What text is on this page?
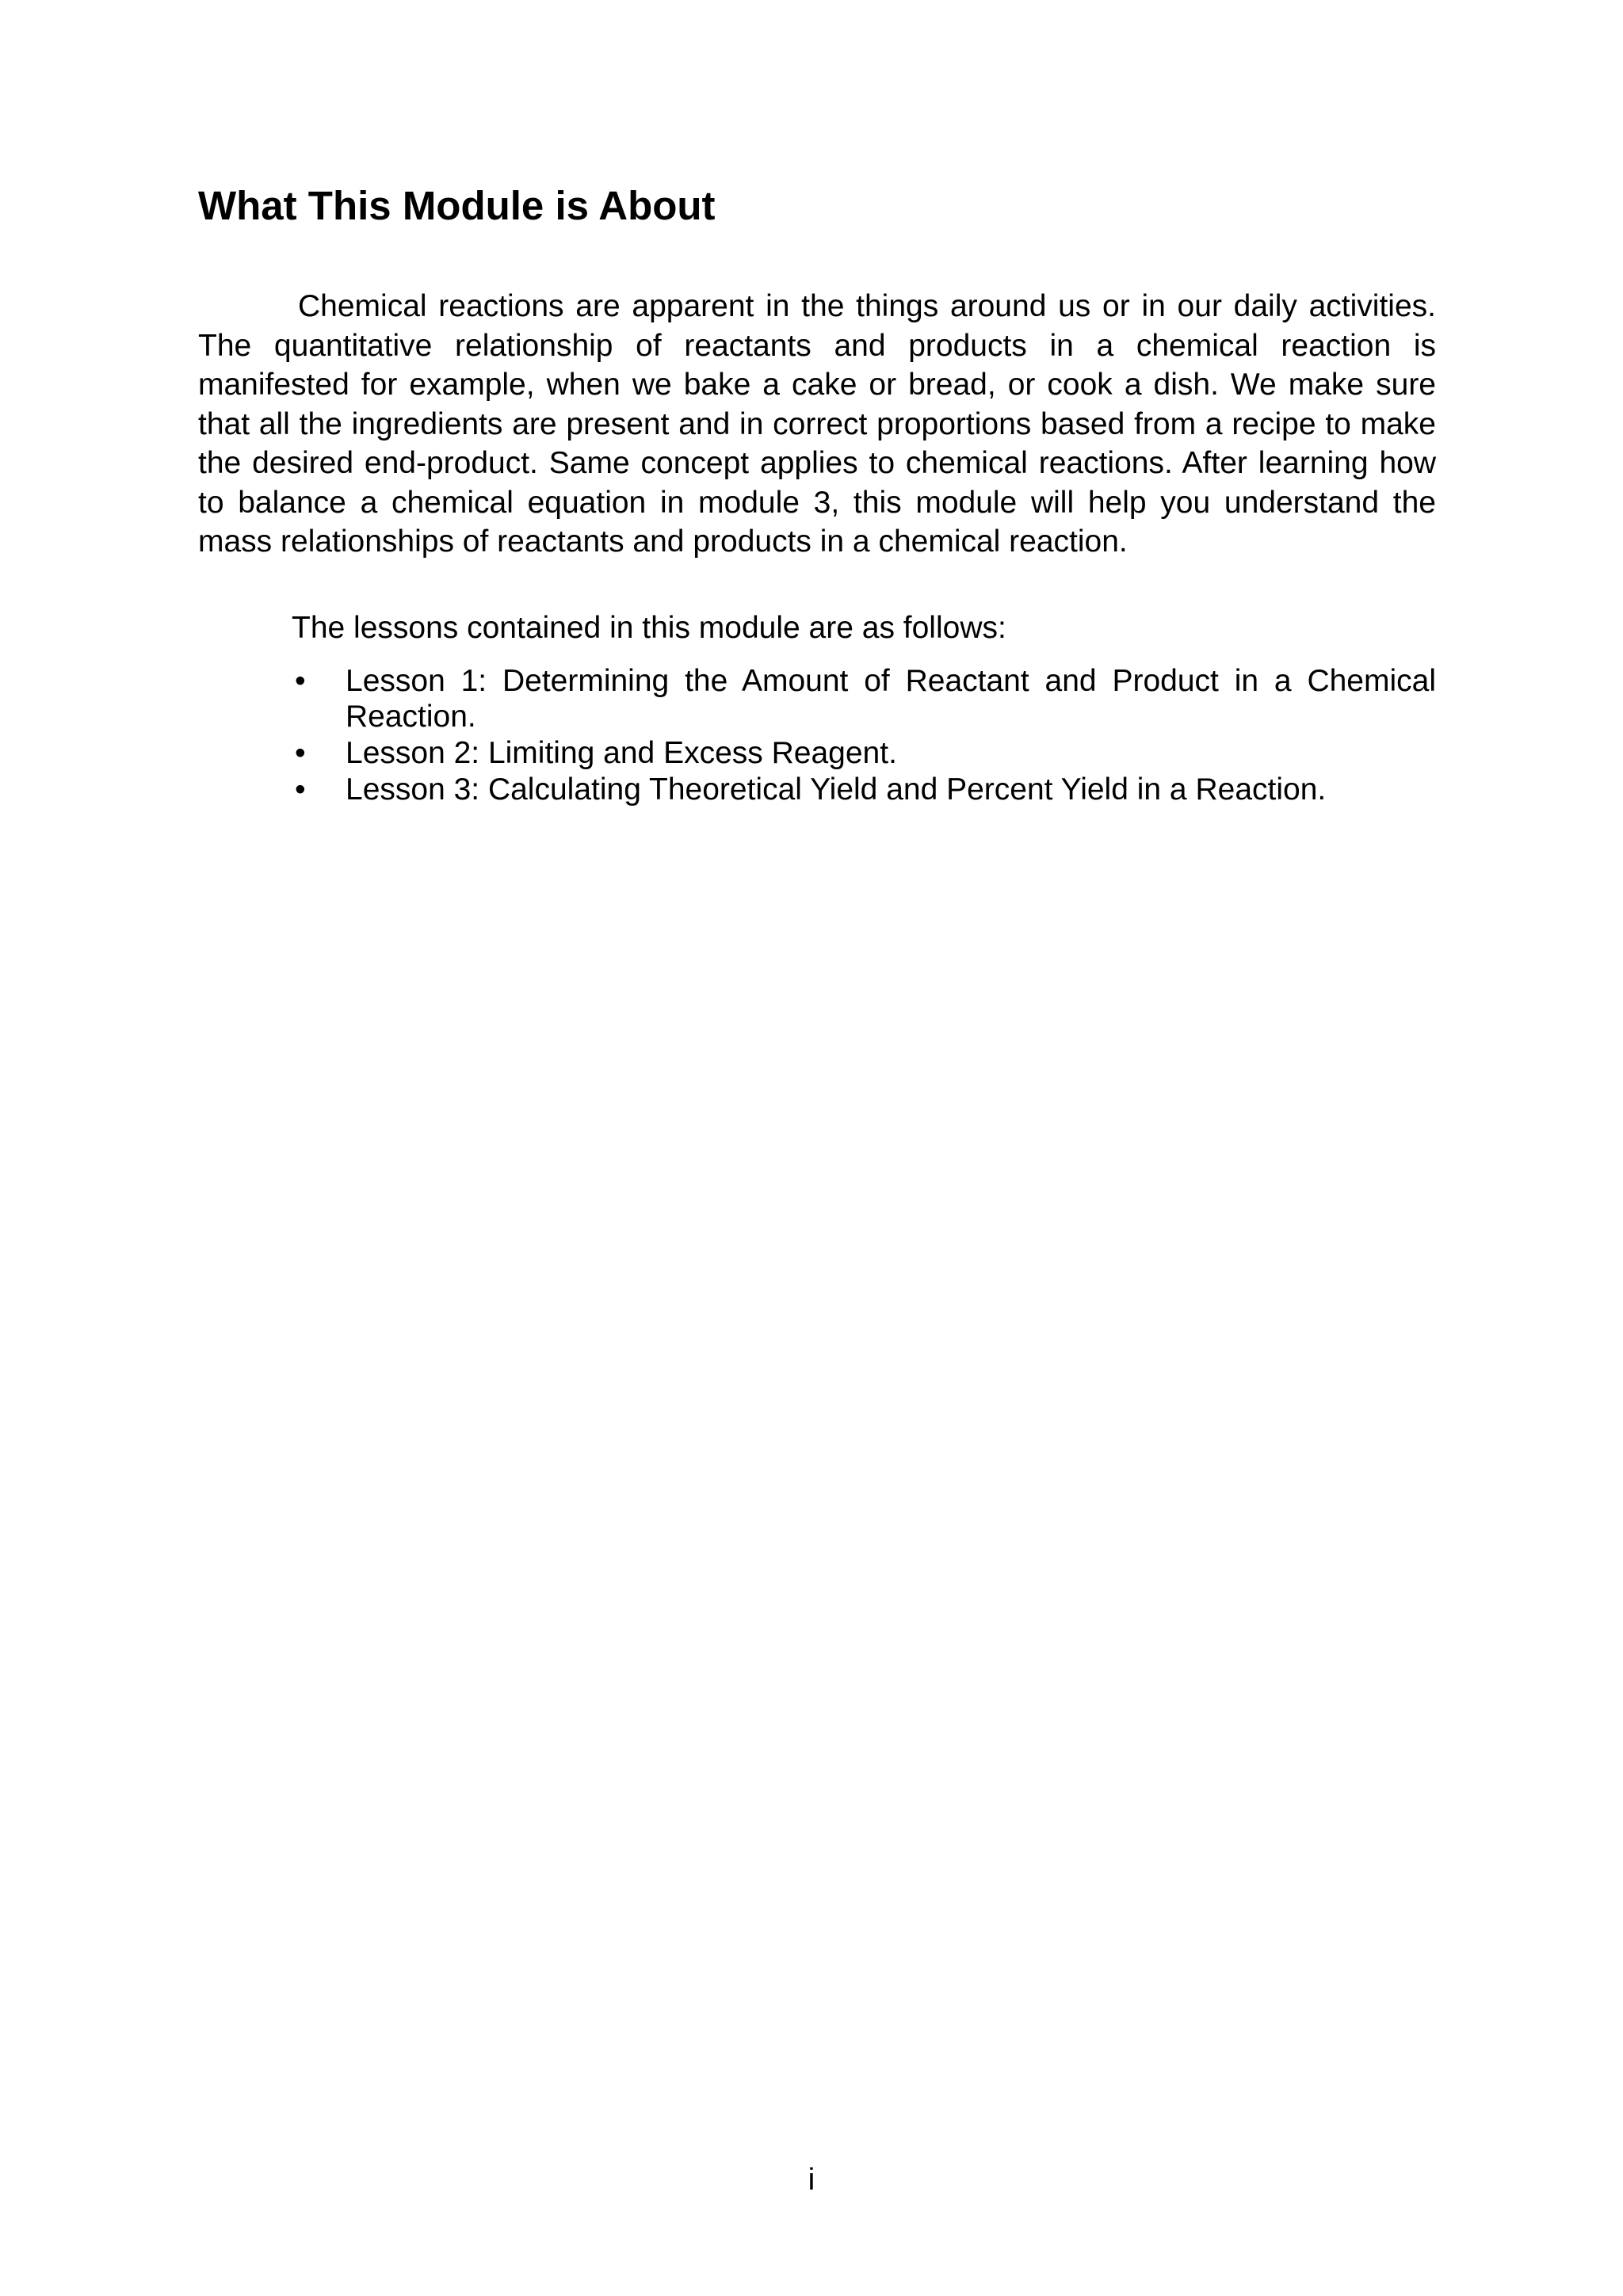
What This Module is About

Chemical reactions are apparent in the things around us or in our daily activities. The quantitative relationship of reactants and products in a chemical reaction is manifested for example, when we bake a cake or bread, or cook a dish. We make sure that all the ingredients are present and in correct proportions based from a recipe to make the desired end-product. Same concept applies to chemical reactions. After learning how to balance a chemical equation in module 3, this module will help you understand the mass relationships of reactants and products in a chemical reaction.

The lessons contained in this module are as follows:

• Lesson 1: Determining the Amount of Reactant and Product in a Chemical Reaction.
• Lesson 2: Limiting and Excess Reagent.
• Lesson 3: Calculating Theoretical Yield and Percent Yield in a Reaction.

i
